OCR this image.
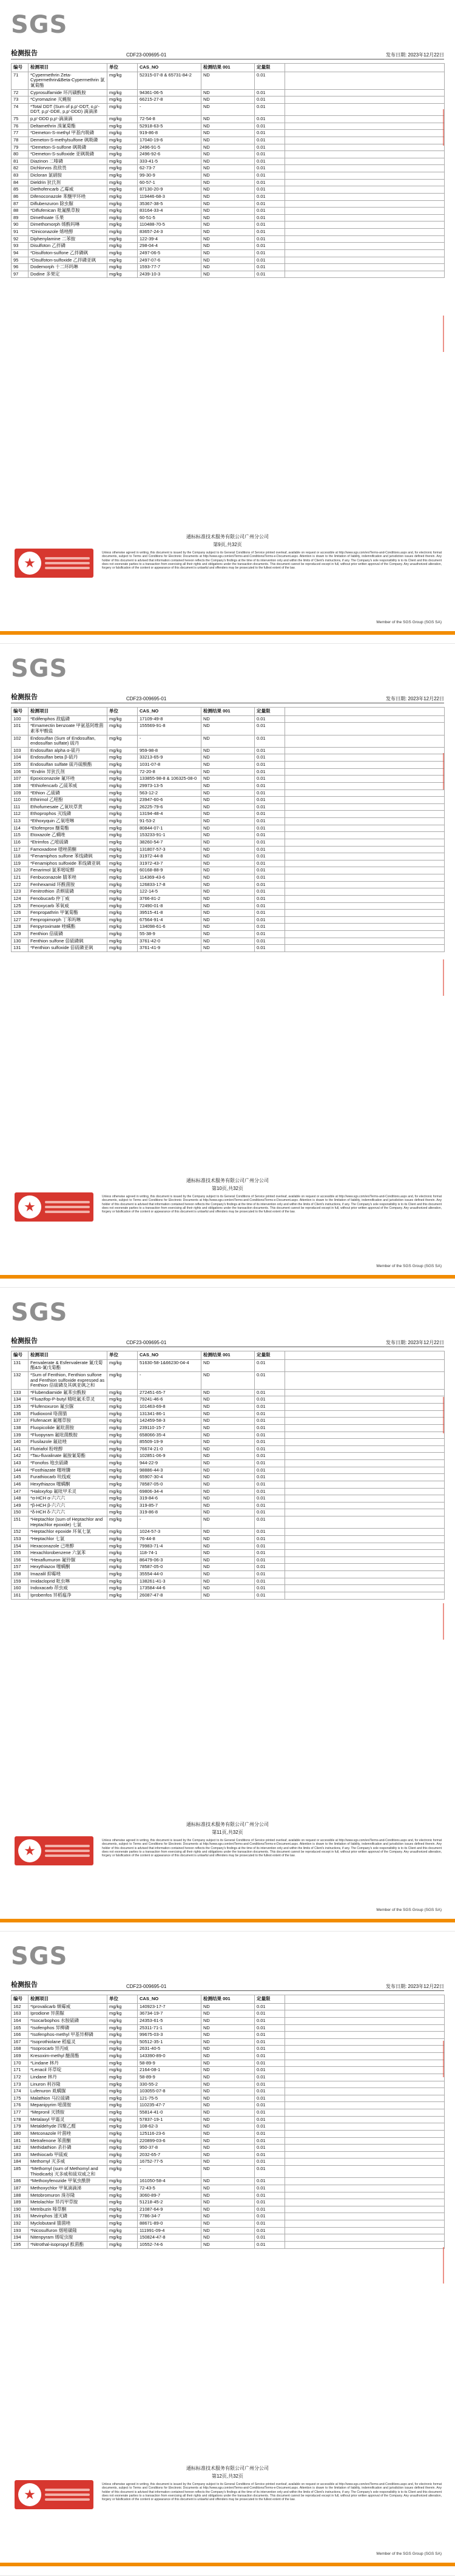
SGS
检测报告	CDF23-009695-01	发布日期: 2023年12月22日
编号	检测项目	单位	CAS_NO	检测结果 001	定量限	
71	*Cypermethrin Zeta-Cypermethrin&Beta-Cypermethrin 氯氰菊酯	mg/kg	52315-07-8 & 65731-84-2	ND	0.01	
72	Cyprosulfamide 环丙磺酰胺	mg/kg	94361-06-5	ND	0.01	
73	*Cyromazine 灭蝇胺	mg/kg	66215-27-8	ND	0.01	
74	*Total DDT (Sum of p,p'-DDT, o,p'-DDT, p,p'-DDE, p,p'-DDD) 滴滴涕	mg/kg	-	ND	0.01	
75	p,p'-DDD p,p'-滴滴滴	mg/kg	72-54-8	ND	0.01	
76	Deltamethrin 溴氰菊酯	mg/kg	52918-63-5	ND	0.01	
77	*Demeton-S-methyl 甲基内吸磷	mg/kg	919-86-8	ND	0.01	
78	Demeton-S-methylsulfone 砜吸磷	mg/kg	17040-19-6	ND	0.01	
79	*Demeton-S-sulfone 砜吸磷	mg/kg	2496-91-5	ND	0.01	
80	*Demeton-S-sulfoxide 亚砜吸磷	mg/kg	2496-92-6	ND	0.01	
81	Diazinon 二嗪磷	mg/kg	333-41-5	ND	0.01	
82	Dichlorvos 敌敌畏	mg/kg	62-73-7	ND	0.01	
83	Dicloran 氯硝胺	mg/kg	99-30-9	ND	0.01	
84	Dieldrin 狄氏剂	mg/kg	60-57-1	ND	0.01	
85	Diethofencarb 乙霉威	mg/kg	87130-20-9	ND	0.01	
86	Difenoconazole 苯醚甲环唑	mg/kg	119446-68-3	ND	0.01	
87	Diflubenzuron 除虫脲	mg/kg	35367-38-5	ND	0.01	
88	*Diflufenican 吡氟酰草胺	mg/kg	83164-33-4	ND	0.01	
89	Dimethoate 乐果	mg/kg	60-51-5	ND	0.01	
90	Dimethomorph 烯酰吗啉	mg/kg	110488-70-5	ND	0.01	
91	*Diniconazole 烯唑醇	mg/kg	83657-24-3	ND	0.01	
92	Diphenylamine 二苯胺	mg/kg	122-39-4	ND	0.01	
93	Disulfoton 乙拌磷	mg/kg	298-04-4	ND	0.01	
94	*Disulfoton-sulfone 乙拌磷砜	mg/kg	2497-06-5	ND	0.01	
95	*Disulfoton-sulfoxide 乙拌磷亚砜	mg/kg	2497-07-6	ND	0.01	
96	Dodemorph 十二环吗啉	mg/kg	1593-77-7	ND	0.01	
97	Dodine 多果定	mg/kg	2439-10-3	ND	0.01	
通标标准技术服务有限公司广州分公司
第9页,共32页
★
Unless otherwise agreed in writing, this document is issued by the Company subject to its General Conditions of Service printed overleaf, available on request or accessible at http://www.sgs.com/en/Terms-and-Conditions.aspx and, for electronic format documents, subject to Terms and Conditions for Electronic Documents at http://www.sgs.com/en/Terms-and-Conditions/Terms-e-Document.aspx. Attention is drawn to the limitation of liability, indemnification and jurisdiction issues defined therein. Any holder of this document is advised that information contained hereon reflects the Company's findings at the time of its intervention only and within the limits of Client's instructions, if any. The Company's sole responsibility is to its Client and this document does not exonerate parties to a transaction from exercising all their rights and obligations under the transaction documents. This document cannot be reproduced except in full, without prior written approval of the Company. Any unauthorized alteration, forgery or falsification of the content or appearance of this document is unlawful and offenders may be prosecuted to the fullest extent of the law.
Member of the SGS Group (SGS SA)
SGS
检测报告	CDF23-009695-01	发布日期: 2023年12月22日
编号	检测项目	单位	CAS_NO	检测结果 001	定量限	
100	*Edifenphos 敌瘟磷	mg/kg	17109-49-8	ND	0.01	
101	*Emamectin benzoate 甲氨基阿维菌素苯甲酸盐	mg/kg	155569-91-8	ND	0.01	
102	Endosulfan (Sum of Endosulfan, endosulfan sulfate) 硫丹	mg/kg	-	ND	0.01	
103	Endosulfan alpha α-硫丹	mg/kg	959-98-8	ND	0.01	
104	Endosulfan beta β-硫丹	mg/kg	33213-65-9	ND	0.01	
105	Endosulfan sulfate 硫丹硫酸酯	mg/kg	1031-07-8	ND	0.01	
106	*Endrin 异狄氏剂	mg/kg	72-20-8	ND	0.01	
107	Epoxiconazole 氟环唑	mg/kg	133855-98-8 & 106325-08-0	ND	0.01	
108	*Ethiofencarb 乙硫苯威	mg/kg	29973-13-5	ND	0.01	
109	*Ethion 乙硫磷	mg/kg	563-12-2	ND	0.01	
110	Ethirimol 乙嘧酚	mg/kg	23947-60-6	ND	0.01	
111	Ethofumesate 乙氧呋草黄	mg/kg	26225-79-6	ND	0.01	
112	Ethoprophos 灭线磷	mg/kg	13194-48-4	ND	0.01	
113	*Ethoxyquin 乙氧喹啉	mg/kg	91-53-2	ND	0.01	
114	*Etofenprox 醚菊酯	mg/kg	80844-07-1	ND	0.01	
115	Etoxazole 乙螨唑	mg/kg	153233-91-1	ND	0.01	
116	*Etrimfos 乙嘧硫磷	mg/kg	38260-54-7	ND	0.01	
117	Famoxadone 噁唑菌酮	mg/kg	131807-57-3	ND	0.01	
118	*Fenamiphos sulfone 苯线磷砜	mg/kg	31972-44-8	ND	0.01	
119	*Fenamiphos sulfoxide 苯线磷亚砜	mg/kg	31972-43-7	ND	0.01	
120	Fenarimol 氯苯嘧啶醇	mg/kg	60168-88-9	ND	0.01	
121	Fenbuconazole 腈苯唑	mg/kg	114369-43-6	ND	0.01	
122	Fenhexamid 环酰菌胺	mg/kg	126833-17-8	ND	0.01	
123	Fenitrothion 杀螟硫磷	mg/kg	122-14-5	ND	0.01	
124	Fenobucarb 仲丁威	mg/kg	3766-81-2	ND	0.01	
125	Fenoxycarb 苯氧威	mg/kg	72490-01-8	ND	0.01	
126	Fenpropathrin 甲氰菊酯	mg/kg	39515-41-8	ND	0.01	
127	Fenpropimorph 丁苯吗啉	mg/kg	67564-91-4	ND	0.01	
128	Fenpyroximate 唑螨酯	mg/kg	134098-61-6	ND	0.01	
129	Fenthion 倍硫磷	mg/kg	55-38-9	ND	0.01	
130	Fenthion sulfone 倍硫磷砜	mg/kg	3761-42-0	ND	0.01	
131	*Fenthion sulfoxide 倍硫磷亚砜	mg/kg	3761-41-9	ND	0.01	
通标标准技术服务有限公司广州分公司
第10页,共32页
★
Unless otherwise agreed in writing, this document is issued by the Company subject to its General Conditions of Service printed overleaf, available on request or accessible at http://www.sgs.com/en/Terms-and-Conditions.aspx and, for electronic format documents, subject to Terms and Conditions for Electronic Documents at http://www.sgs.com/en/Terms-and-Conditions/Terms-e-Document.aspx. Attention is drawn to the limitation of liability, indemnification and jurisdiction issues defined therein. Any holder of this document is advised that information contained hereon reflects the Company's findings at the time of its intervention only and within the limits of Client's instructions, if any. The Company's sole responsibility is to its Client and this document does not exonerate parties to a transaction from exercising all their rights and obligations under the transaction documents. This document cannot be reproduced except in full, without prior written approval of the Company. Any unauthorized alteration, forgery or falsification of the content or appearance of this document is unlawful and offenders may be prosecuted to the fullest extent of the law.
Member of the SGS Group (SGS SA)
SGS
检测报告	CDF23-009695-01	发布日期: 2023年12月22日
编号	检测项目	单位	CAS_NO	检测结果 001	定量限	
131	Fenvalerate & Esfenvalerate 氰戊菊酯&S-氰戊菊酯	mg/kg	51630-58-1&66230-04-4	ND	0.01	
132	*Sum of Fenthion, Fenthion sulfone and Fenthion sulfoxide expressed as Fenthion 倍硫磷及其砜亚砜之和	mg/kg	-	ND	0.01	
133	*Flubendiamide 氟苯虫酰胺	mg/kg	272451-65-7	ND	0.01	
134	*Fluazifop-P-butyl 精吡氟禾草灵	mg/kg	79241-46-6	ND	0.01	
135	*Flufenoxuron 氟虫脲	mg/kg	101463-69-8	ND	0.01	
136	Fludioxonil 咯菌腈	mg/kg	131341-86-1	ND	0.01	
137	Flufenacet 氟噻草胺	mg/kg	142459-58-3	ND	0.01	
138	Fluopicolide 氟吡菌胺	mg/kg	239110-15-7	ND	0.01	
139	*Fluopyram 氟吡菌酰胺	mg/kg	658066-35-4	ND	0.01	
140	Flusilazole 氟硅唑	mg/kg	85509-19-9	ND	0.01	
141	Flutriafol 粉唑醇	mg/kg	76674-21-0	ND	0.01	
142	*Tau-fluvalinate 氟胺氰菊酯	mg/kg	102851-06-9	ND	0.01	
143	*Fonofos 地虫硫磷	mg/kg	944-22-9	ND	0.01	
144	*Fosthiazate 噻唑膦	mg/kg	98886-44-3	ND	0.01	
145	Furathiocarb 呋线威	mg/kg	65907-30-4	ND	0.01	
146	Hexythiazox 噻螨酮	mg/kg	78587-05-0	ND	0.01	
147	*Haloxyfop 氟吡甲禾灵	mg/kg	69806-34-4	ND	0.01	
148	*α-HCH α-六六六	mg/kg	319-84-6	ND	0.01	
149	*β-HCH β-六六六	mg/kg	319-85-7	ND	0.01	
150	*δ-HCH δ-六六六	mg/kg	319-86-8	ND	0.01	
151	*Heptachlor (sum of Heptachlor and Heptachlor epoxide) 七氯	mg/kg	-	ND	0.01	
152	*Heptachlor epoxide 环氧七氯	mg/kg	1024-57-3	ND	0.01	
153	*Heptachlor 七氯	mg/kg	76-44-8	ND	0.01	
154	Hexaconazole 己唑醇	mg/kg	79983-71-4	ND	0.01	
155	Hexachlorobenzene 六氯苯	mg/kg	118-74-1	ND	0.01	
156	*Hexaflumuron 氟铃脲	mg/kg	86479-06-3	ND	0.01	
157	Hexythiazox 噻螨酮	mg/kg	78587-05-0	ND	0.01	
158	Imazalil 抑霉唑	mg/kg	35554-44-0	ND	0.01	
159	Imidacloprid 吡虫啉	mg/kg	138261-41-3	ND	0.01	
160	Indoxacarb 茚虫威	mg/kg	173584-44-6	ND	0.01	
161	Iprobenfos 异稻瘟净	mg/kg	26087-47-8	ND	0.01	
通标标准技术服务有限公司广州分公司
第11页,共32页
★
Unless otherwise agreed in writing, this document is issued by the Company subject to its General Conditions of Service printed overleaf, available on request or accessible at http://www.sgs.com/en/Terms-and-Conditions.aspx and, for electronic format documents, subject to Terms and Conditions for Electronic Documents at http://www.sgs.com/en/Terms-and-Conditions/Terms-e-Document.aspx. Attention is drawn to the limitation of liability, indemnification and jurisdiction issues defined therein. Any holder of this document is advised that information contained hereon reflects the Company's findings at the time of its intervention only and within the limits of Client's instructions, if any. The Company's sole responsibility is to its Client and this document does not exonerate parties to a transaction from exercising all their rights and obligations under the transaction documents. This document cannot be reproduced except in full, without prior written approval of the Company. Any unauthorized alteration, forgery or falsification of the content or appearance of this document is unlawful and offenders may be prosecuted to the fullest extent of the law.
Member of the SGS Group (SGS SA)
SGS
检测报告	CDF23-009695-01	发布日期: 2023年12月22日
编号	检测项目	单位	CAS_NO	检测结果 001	定量限	
162	*Iprovalicarb 缬霉威	mg/kg	140923-17-7	ND	0.01	
163	Iprodione 异菌脲	mg/kg	36734-19-7	ND	0.01	
164	*Isocarbophos 水胺硫磷	mg/kg	24353-61-5	ND	0.01	
165	*Isofenphos 异柳磷	mg/kg	25311-71-1	ND	0.01	
166	*Isofenphos-methyl 甲基异柳磷	mg/kg	99675-03-3	ND	0.01	
167	*Isoprothiolane 稻瘟灵	mg/kg	50512-35-1	ND	0.01	
168	*Isoprocarb 异丙威	mg/kg	2631-40-5	ND	0.01	
169	Kresoxim-methyl 醚菌酯	mg/kg	143390-89-0	ND	0.01	
170	*Lindane 林丹	mg/kg	58-89-9	ND	0.01	
171	*Lenacil 环草啶	mg/kg	2164-08-1	ND	0.01	
172	Lindane 林丹	mg/kg	58-89-9	ND	0.01	
173	Linuron 利谷隆	mg/kg	330-55-2	ND	0.01	
174	Lufenuron 虱螨脲	mg/kg	103055-07-8	ND	0.01	
175	Malathion 马拉硫磷	mg/kg	121-75-5	ND	0.01	
176	Mepanipyrim 嘧菌胺	mg/kg	110235-47-7	ND	0.01	
177	*Mepronil 灭锈胺	mg/kg	55814-41-0	ND	0.01	
178	Metalaxyl 甲霜灵	mg/kg	57837-19-1	ND	0.01	
179	Metaldehyde 四聚乙醛	mg/kg	108-62-3	ND	0.01	
180	Metconazole 叶菌唑	mg/kg	125116-23-6	ND	0.01	
181	Metrafenone 苯菌酮	mg/kg	220899-03-6	ND	0.01	
182	Methidathion 杀扑磷	mg/kg	950-37-8	ND	0.01	
183	Methiocarb 甲硫威	mg/kg	2032-65-7	ND	0.01	
184	Methomyl 灭多威	mg/kg	16752-77-5	ND	0.01	
185	*Methomyl (sum of Methomyl and Thiodicarb) 灭多威和硫双威之和	mg/kg	-	ND	0.01	
186	*Methoxyfenozide 甲氧虫酰肼	mg/kg	161050-58-4	ND	0.01	
187	Methoxychlor 甲氧滴滴涕	mg/kg	72-43-5	ND	0.01	
188	Metobromuron 溴谷隆	mg/kg	3060-89-7	ND	0.01	
189	Metolachlor 异丙甲草胺	mg/kg	51218-45-2	ND	0.01	
190	Metribuzin 嗪草酮	mg/kg	21087-64-9	ND	0.01	
191	Mevinphos 速灭磷	mg/kg	7786-34-7	ND	0.01	
192	Myclobutanil 腈菌唑	mg/kg	88671-89-0	ND	0.01	
193	*Nicosulfuron 烟嘧磺隆	mg/kg	111991-09-4	ND	0.01	
194	Nitenpyram 烯啶虫胺	mg/kg	150824-47-8	ND	0.01	
195	*Nitrothal-isopropyl 酞菌酯	mg/kg	10552-74-6	ND	0.01	
通标标准技术服务有限公司广州分公司
第12页,共32页
★
Unless otherwise agreed in writing, this document is issued by the Company subject to its General Conditions of Service printed overleaf, available on request or accessible at http://www.sgs.com/en/Terms-and-Conditions.aspx and, for electronic format documents, subject to Terms and Conditions for Electronic Documents at http://www.sgs.com/en/Terms-and-Conditions/Terms-e-Document.aspx. Attention is drawn to the limitation of liability, indemnification and jurisdiction issues defined therein. Any holder of this document is advised that information contained hereon reflects the Company's findings at the time of its intervention only and within the limits of Client's instructions, if any. The Company's sole responsibility is to its Client and this document does not exonerate parties to a transaction from exercising all their rights and obligations under the transaction documents. This document cannot be reproduced except in full, without prior written approval of the Company. Any unauthorized alteration, forgery or falsification of the content or appearance of this document is unlawful and offenders may be prosecuted to the fullest extent of the law.
Member of the SGS Group (SGS SA)
